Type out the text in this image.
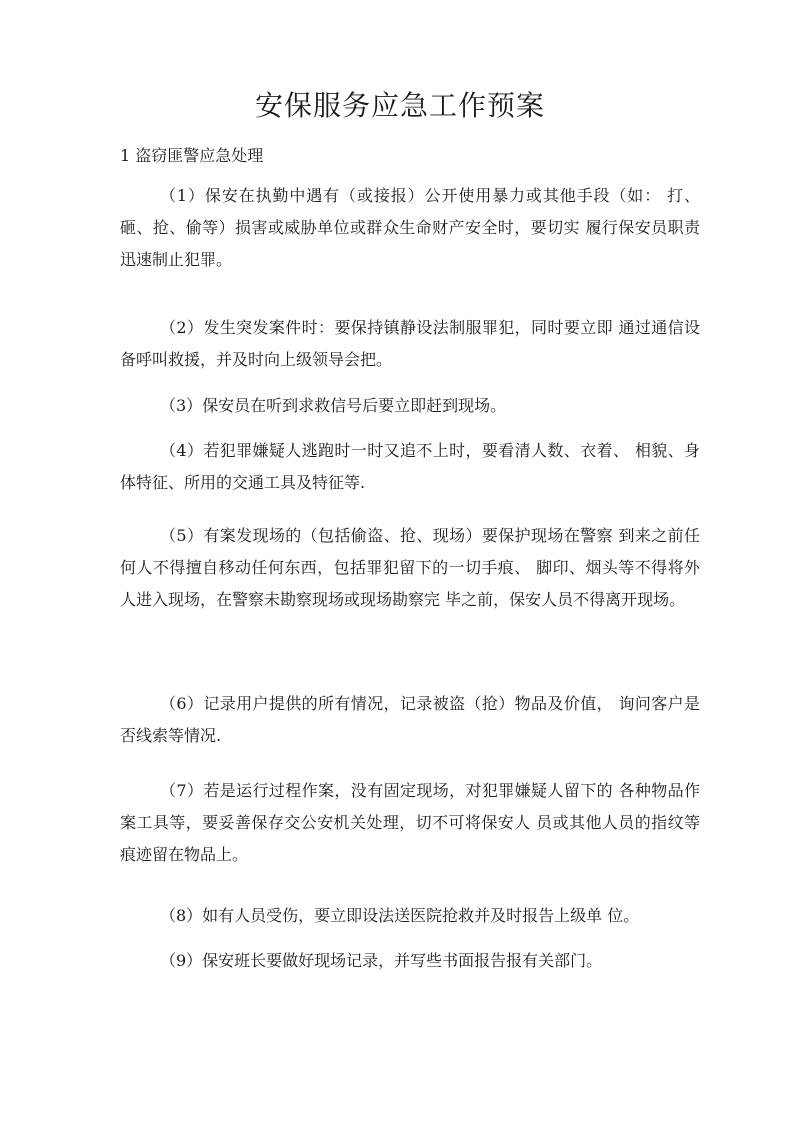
安保服务应急工作预案
1 盗窃匪警应急处理

（1）保安在执勤中遇有（或接报）公开使用暴力或其他手段（如： 打、砸、抢、偷等）损害或威胁单位或群众生命财产安全时，要切实 履行保安员职责迅速制止犯罪。

（2）发生突发案件时：要保持镇静设法制服罪犯，同时要立即 通过通信设备呼叫救援，并及时向上级领导会把。

（3）保安员在听到求救信号后要立即赶到现场。

（4）若犯罪嫌疑人逃跑时一时又追不上时，要看清人数、衣着、 相貌、身体特征、所用的交通工具及特征等.

（5）有案发现场的（包括偷盗、抢、现场）要保护现场在警察 到来之前任何人不得擅自移动任何东西，包括罪犯留下的一切手痕、 脚印、烟头等不得将外人进入现场，在警察未勘察现场或现场勘察完 毕之前，保安人员不得离开现场。

（6）记录用户提供的所有情况，记录被盗（抢）物品及价值， 询问客户是否线索等情况.

（7）若是运行过程作案，没有固定现场，对犯罪嫌疑人留下的 各种物品作案工具等，要妥善保存交公安机关处理，切不可将保安人 员或其他人员的指纹等痕迹留在物品上。

（8）如有人员受伤，要立即设法送医院抢救并及时报告上级单 位。

（9）保安班长要做好现场记录，并写些书面报告报有关部门。
